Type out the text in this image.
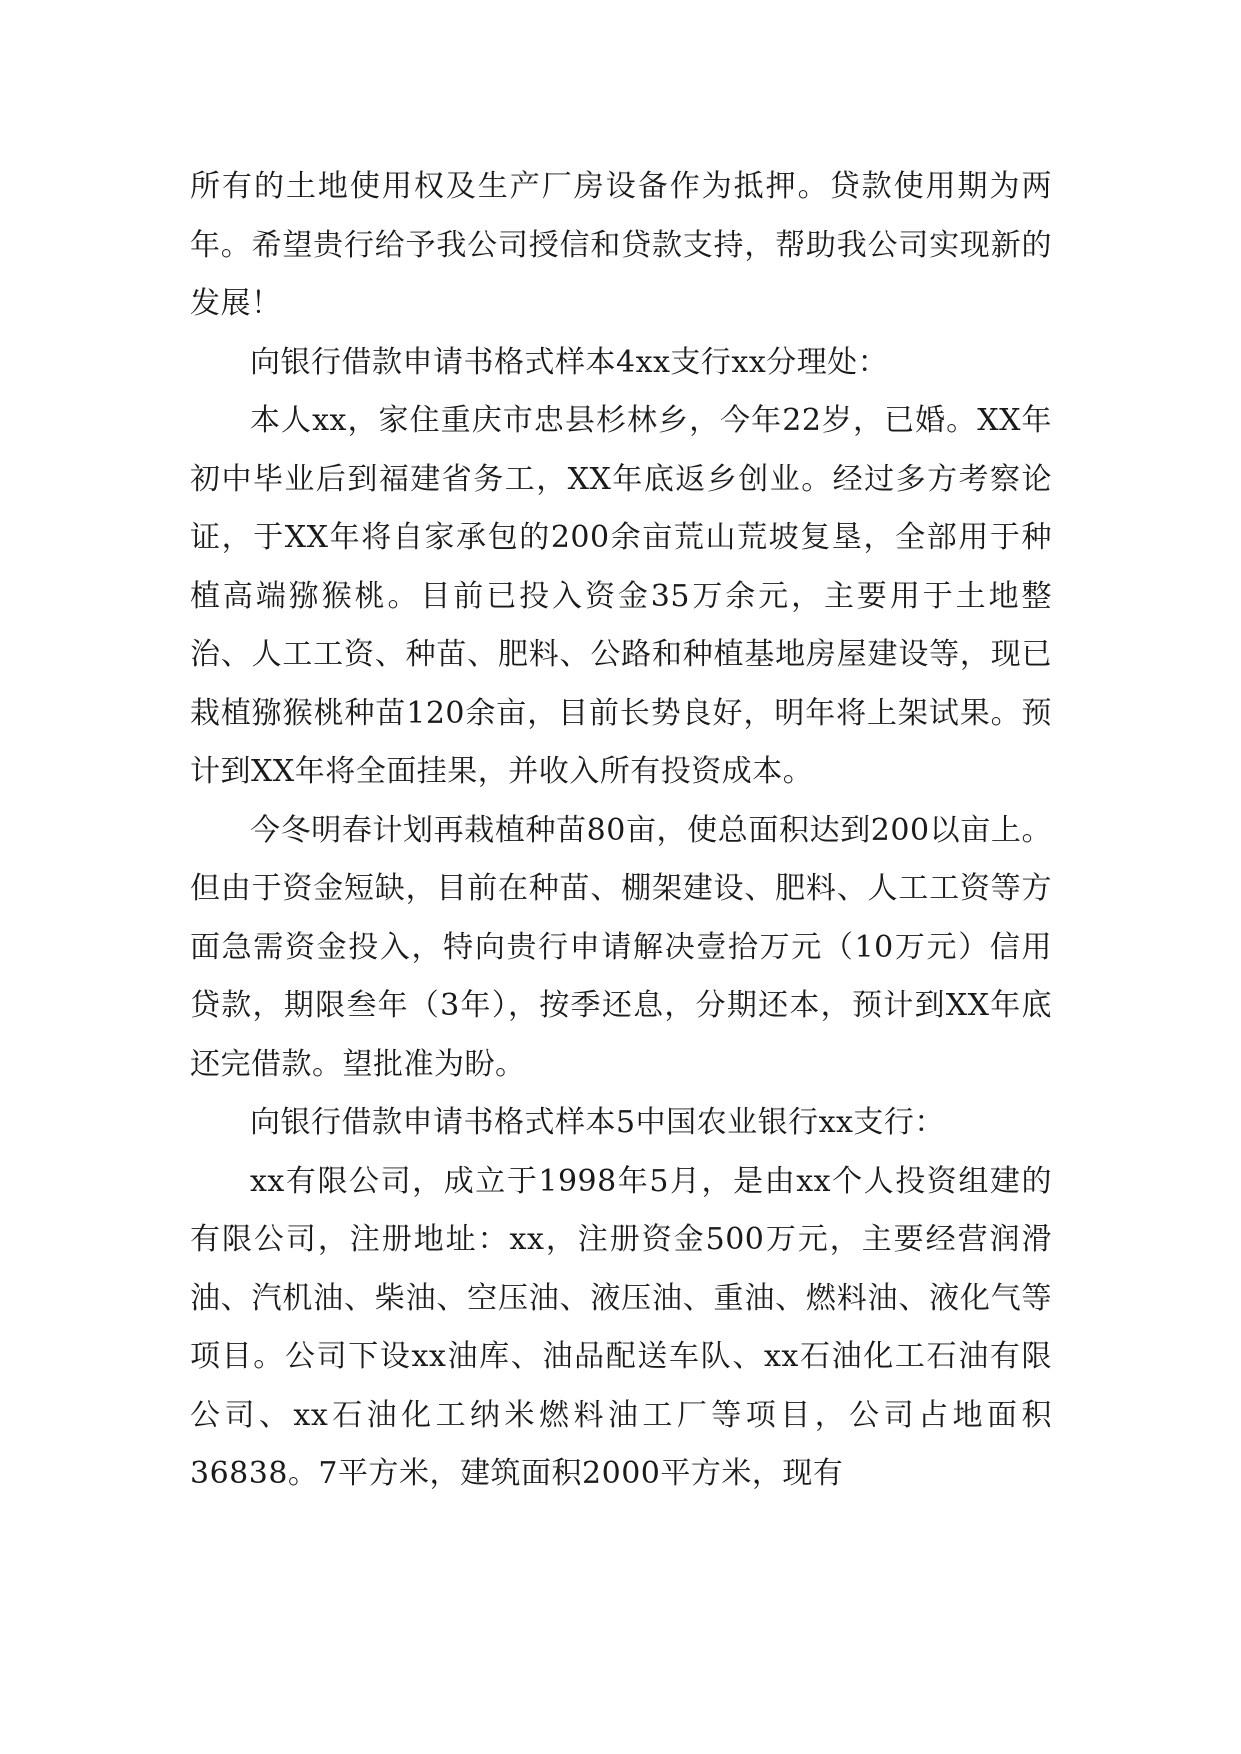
所有的土地使用权及生产厂房设备作为抵押。贷款使用期为两年。希望贵行给予我公司授信和贷款支持，帮助我公司实现新的发展！

向银行借款申请书格式样本4xx支行xx分理处：

本人xx，家住重庆市忠县杉林乡，今年22岁，已婚。XX年初中毕业后到福建省务工，XX年底返乡创业。经过多方考察论证，于XX年将自家承包的200余亩荒山荒坡复垦，全部用于种植高端猕猴桃。目前已投入资金35万余元，主要用于土地整治、人工工资、种苗、肥料、公路和种植基地房屋建设等，现已栽植猕猴桃种苗120余亩，目前长势良好，明年将上架试果。预计到XX年将全面挂果，并收入所有投资成本。

今冬明春计划再栽植种苗80亩，使总面积达到200以亩上。但由于资金短缺，目前在种苗、棚架建设、肥料、人工工资等方面急需资金投入，特向贵行申请解决壹拾万元（10万元）信用贷款，期限叁年（3年），按季还息，分期还本，预计到XX年底还完借款。望批准为盼。

向银行借款申请书格式样本5中国农业银行xx支行：

xx有限公司，成立于1998年5月，是由xx个人投资组建的有限公司，注册地址：xx，注册资金500万元，主要经营润滑油、汽机油、柴油、空压油、液压油、重油、燃料油、液化气等项目。公司下设xx油库、油品配送车队、xx石油化工石油有限公司、xx石油化工纳米燃料油工厂等项目，公司占地面积36838。7平方米，建筑面积2000平方米，现有
